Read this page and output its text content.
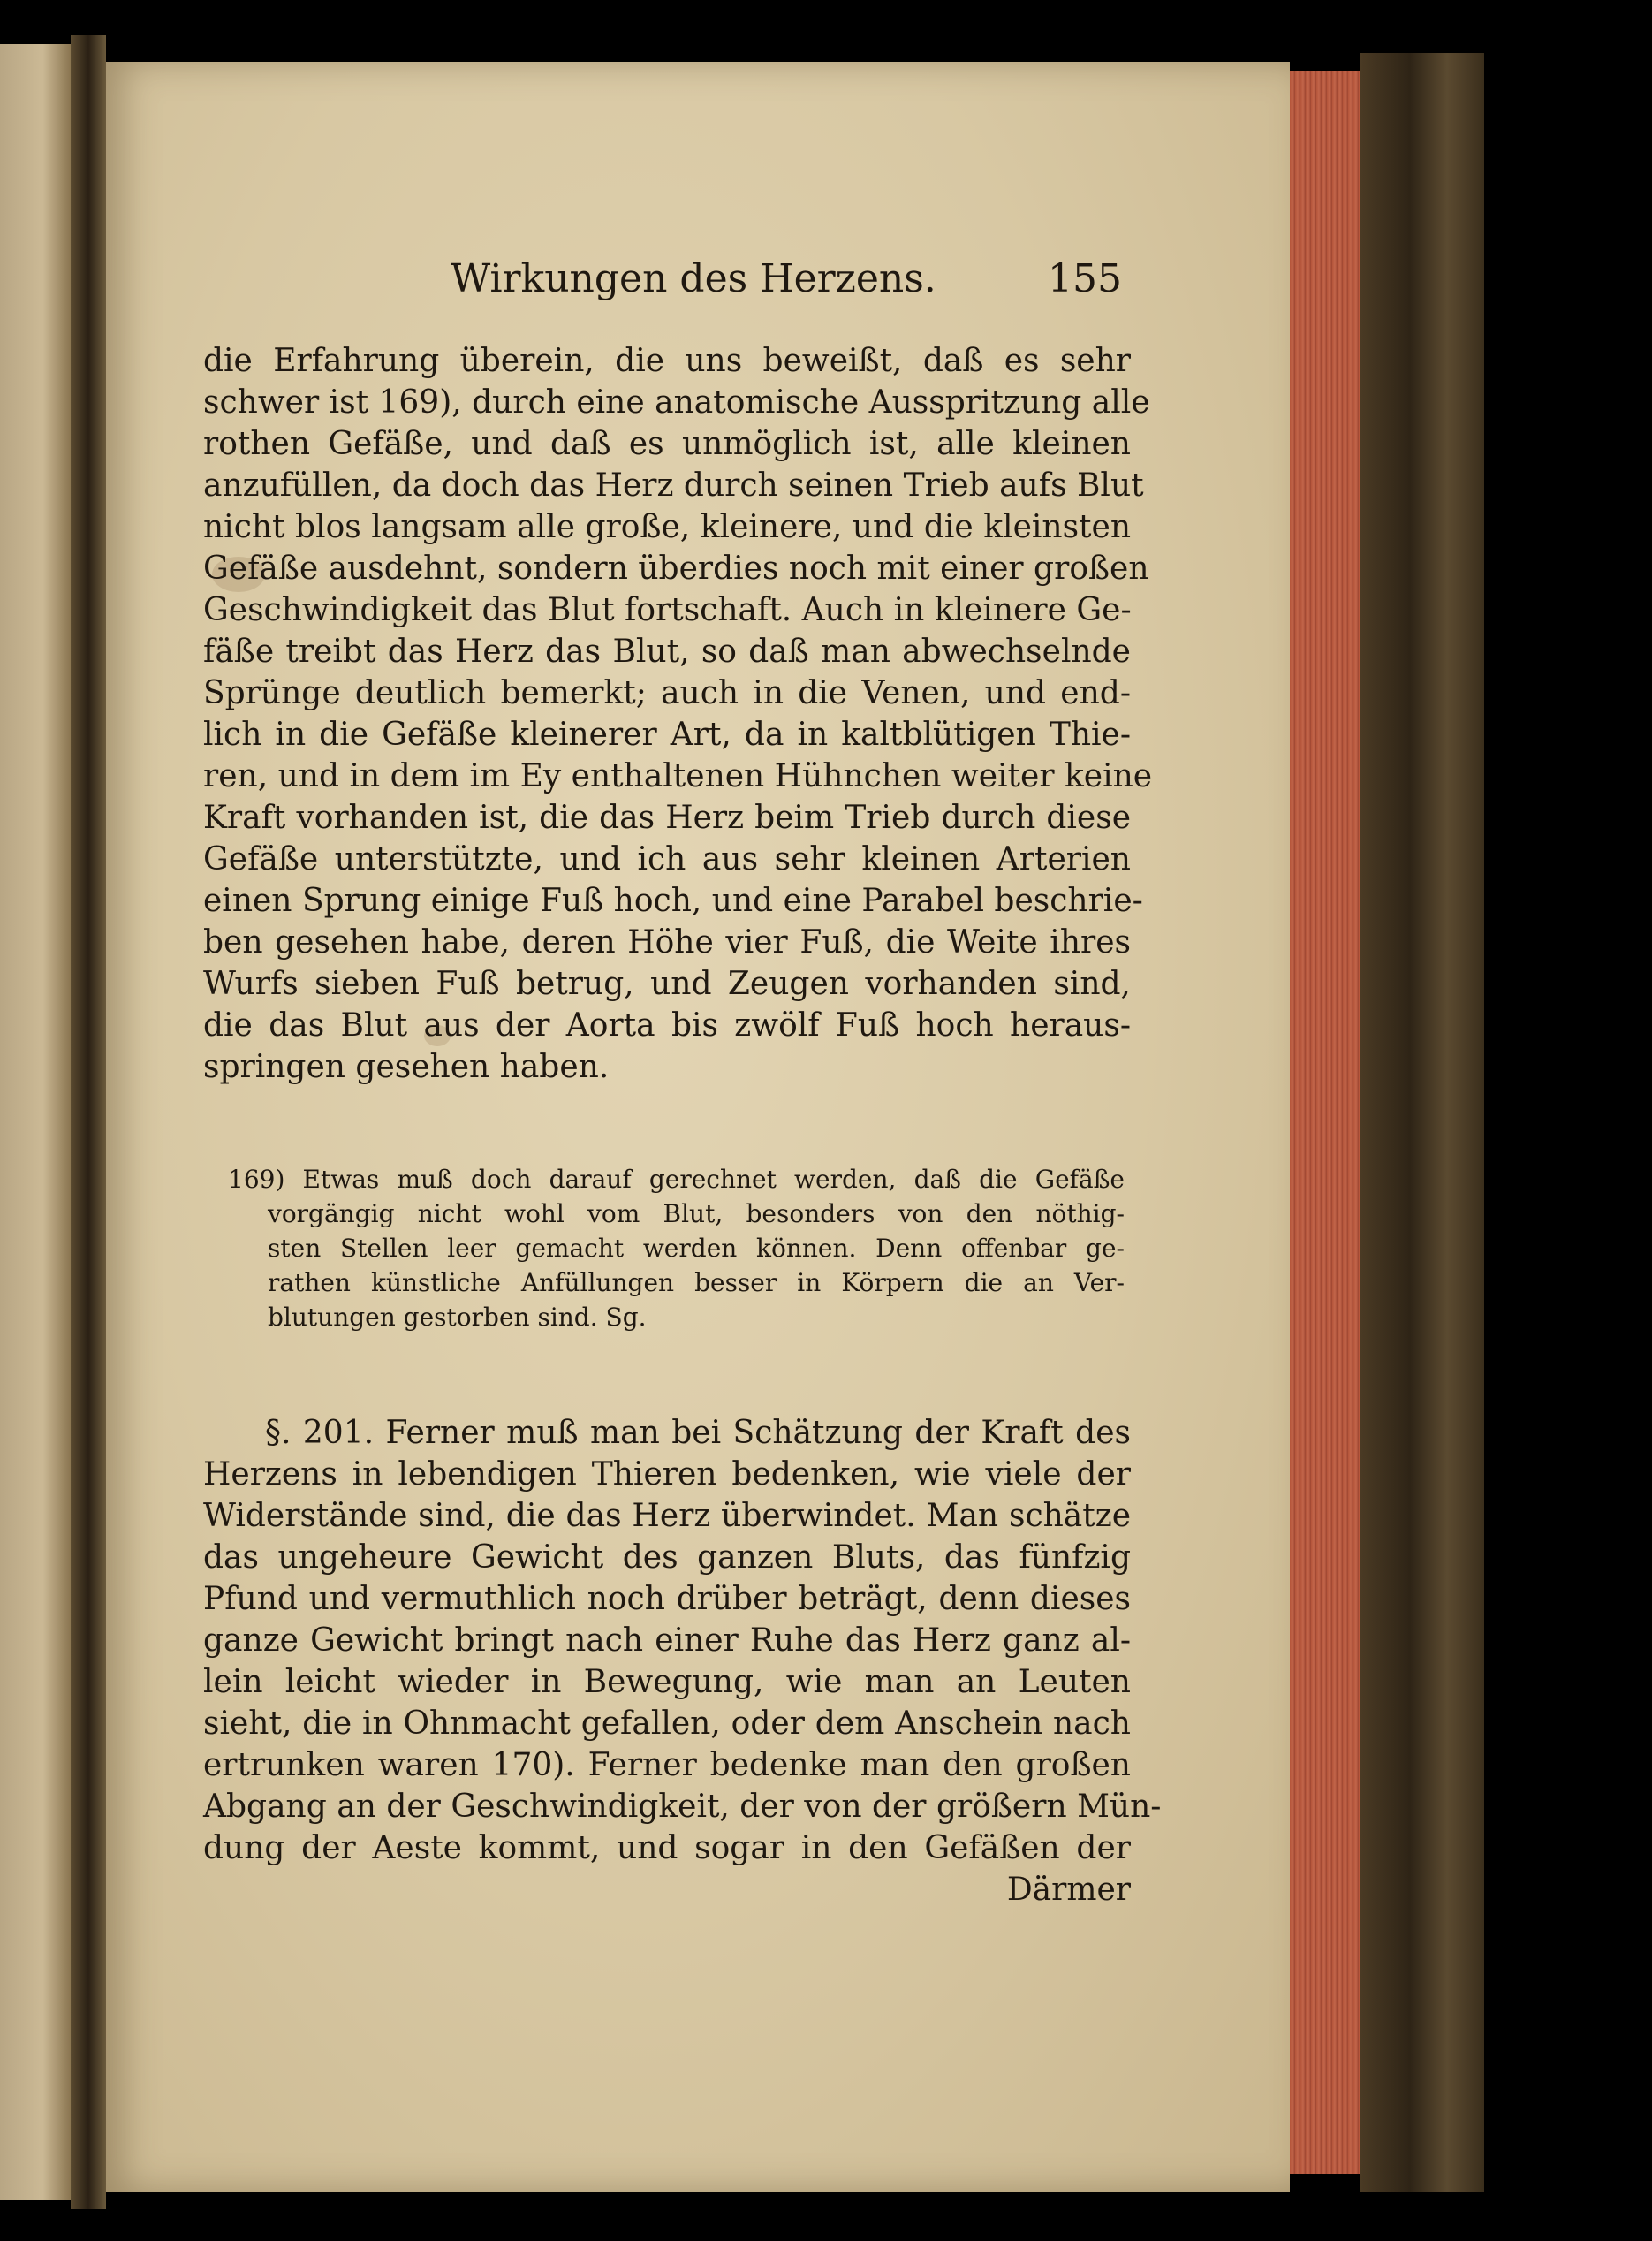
Wirkungen des Herzens.	155
die Erfahrung überein, die uns beweißt, daß es sehr
schwer ist 169), durch eine anatomische Ausspritzung alle
rothen Gefäße, und daß es unmöglich ist, alle kleinen
anzufüllen, da doch das Herz durch seinen Trieb aufs Blut
nicht blos langsam alle große, kleinere, und die kleinsten
Gefäße ausdehnt, sondern überdies noch mit einer großen
Geschwindigkeit das Blut fortschaft. Auch in kleinere Ge-
fäße treibt das Herz das Blut, so daß man abwechselnde
Sprünge deutlich bemerkt; auch in die Venen, und end-
lich in die Gefäße kleinerer Art, da in kaltblütigen Thie-
ren, und in dem im Ey enthaltenen Hühnchen weiter keine
Kraft vorhanden ist, die das Herz beim Trieb durch diese
Gefäße unterstützte, und ich aus sehr kleinen Arterien
einen Sprung einige Fuß hoch, und eine Parabel beschrie-
ben gesehen habe, deren Höhe vier Fuß, die Weite ihres
Wurfs sieben Fuß betrug, und Zeugen vorhanden sind,
die das Blut aus der Aorta bis zwölf Fuß hoch heraus-
springen gesehen haben.
169) Etwas muß doch darauf gerechnet werden, daß die Gefäße
vorgängig nicht wohl vom Blut, besonders von den nöthig-
sten Stellen leer gemacht werden können. Denn offenbar ge-
rathen künstliche Anfüllungen besser in Körpern die an Ver-
blutungen gestorben sind. Sg.
§. 201. Ferner muß man bei Schätzung der Kraft des
Herzens in lebendigen Thieren bedenken, wie viele der
Widerstände sind, die das Herz überwindet. Man schätze
das ungeheure Gewicht des ganzen Bluts, das fünfzig
Pfund und vermuthlich noch drüber beträgt, denn dieses
ganze Gewicht bringt nach einer Ruhe das Herz ganz al-
lein leicht wieder in Bewegung, wie man an Leuten
sieht, die in Ohnmacht gefallen, oder dem Anschein nach
ertrunken waren 170). Ferner bedenke man den großen
Abgang an der Geschwindigkeit, der von der größern Mün-
dung der Aeste kommt, und sogar in den Gefäßen der
Därmer
